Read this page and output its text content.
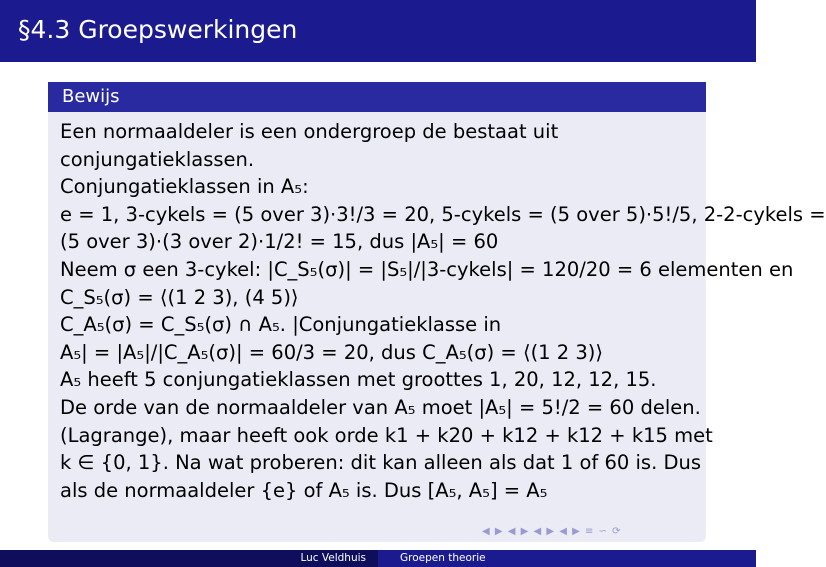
§4.3 Groepswerkingen
Bewijs
Een normaaldeler is een ondergroep de bestaat uit
conjungatieklassen.
Conjungatieklassen in A₅:
e = 1, 3-cykels = (5 over 3)·3!/3 = 20, 5-cykels = (5 over 5)·5!/5, 2-2-cykels =
(5 over 3)·(3 over 2)·1/2! = 15, dus |A₅| = 60
Neem σ een 3-cykel: |C_S₅(σ)| = |S₅|/|3-cykels| = 120/20 = 6 elementen en
C_S₅(σ) = ⟨(1 2 3), (4 5)⟩
C_A₅(σ) = C_S₅(σ) ∩ A₅. |Conjungatieklasse in
A₅| = |A₅|/|C_A₅(σ)| = 60/3 = 20, dus C_A₅(σ) = ⟨(1 2 3)⟩
A₅ heeft 5 conjungatieklassen met groottes 1, 20, 12, 12, 15.
De orde van de normaaldeler van A₅ moet |A₅| = 5!/2 = 60 delen.
(Lagrange), maar heeft ook orde k1 + k20 + k12 + k12 + k15 met
k ∈ {0, 1}. Na wat proberen: dit kan alleen als dat 1 of 60 is. Dus
als de normaaldeler {e} of A₅ is. Dus [A₅, A₅] = A₅
◀ ▶ ◀ ▶ ◀ ▶ ◀ ▶ ≡ ∽ ⟳
Luc Veldhuis	Groepen theorie
